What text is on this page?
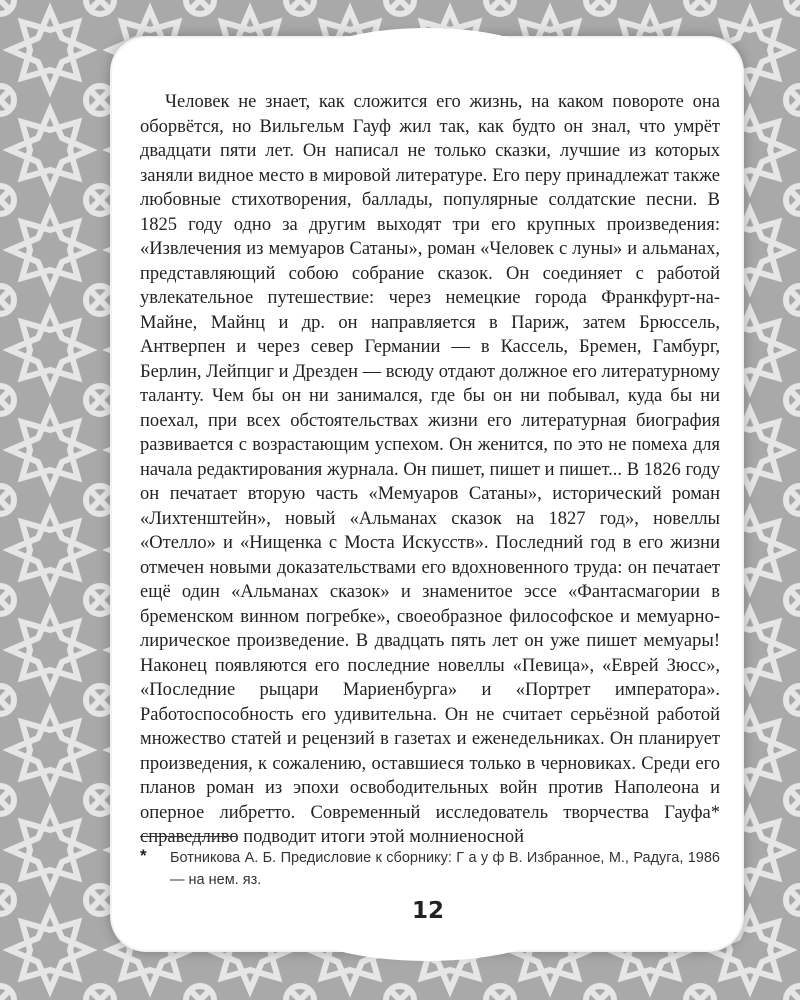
Человек не знает, как сложится его жизнь, на каком повороте она оборвётся, но Вильгельм Гауф жил так, как будто он знал, что умрёт двадцати пяти лет. Он написал не только сказки, лучшие из которых заняли видное место в мировой литературе. Его перу принадлежат также любовные стихотворения, баллады, популярные солдатские песни. В 1825 году одно за другим выходят три его крупных произведения: «Извлечения из мемуаров Сатаны», роман «Человек с луны» и альманах, представляющий собою собрание сказок. Он соединяет с работой увлекательное путешествие: через немецкие города Франкфурт-на-Майне, Майнц и др. он направляется в Париж, затем Брюссель, Антверпен и через север Германии — в Кассель, Бремен, Гамбург, Берлин, Лейпциг и Дрезден — всюду отдают должное его литературному таланту. Чем бы он ни занимался, где бы он ни побывал, куда бы ни поехал, при всех обстоятельствах жизни его литературная биография развивается с возрастающим успехом. Он женится, по это не помеха для начала редактирования журнала. Он пишет, пишет и пишет... В 1826 году он печатает вторую часть «Мемуаров Сатаны», исторический роман «Лихтенштейн», новый «Альманах сказок на 1827 год», новеллы «Отелло» и «Нищенка с Моста Искусств». Последний год в его жизни отмечен новыми доказательствами его вдохновенного труда: он печатает ещё один «Альманах сказок» и знаменитое эссе «Фантасмагории в бременском винном погребке», своеобразное философское и мемуарно-лирическое произведение. В двадцать пять лет он уже пишет мемуары! Наконец появляются его последние новеллы «Певица», «Еврей Зюсс», «Последние рыцари Мариенбурга» и «Портрет императора». Работоспособность его удивительна. Он не считает серьёзной работой множество статей и рецензий в газетах и еженедельниках. Он планирует произведения, к сожалению, оставшиеся только в черновиках. Среди его планов роман из эпохи освободительных войн против Наполеона и оперное либретто. Современный исследователь творчества Гауфа* справедливо подводит итоги этой молниеносной

* Ботникова А. Б. Предисловие к сборнику: Г а у ф В. Избранное, М., Радуга, 1986 — на нем. яз.

12
